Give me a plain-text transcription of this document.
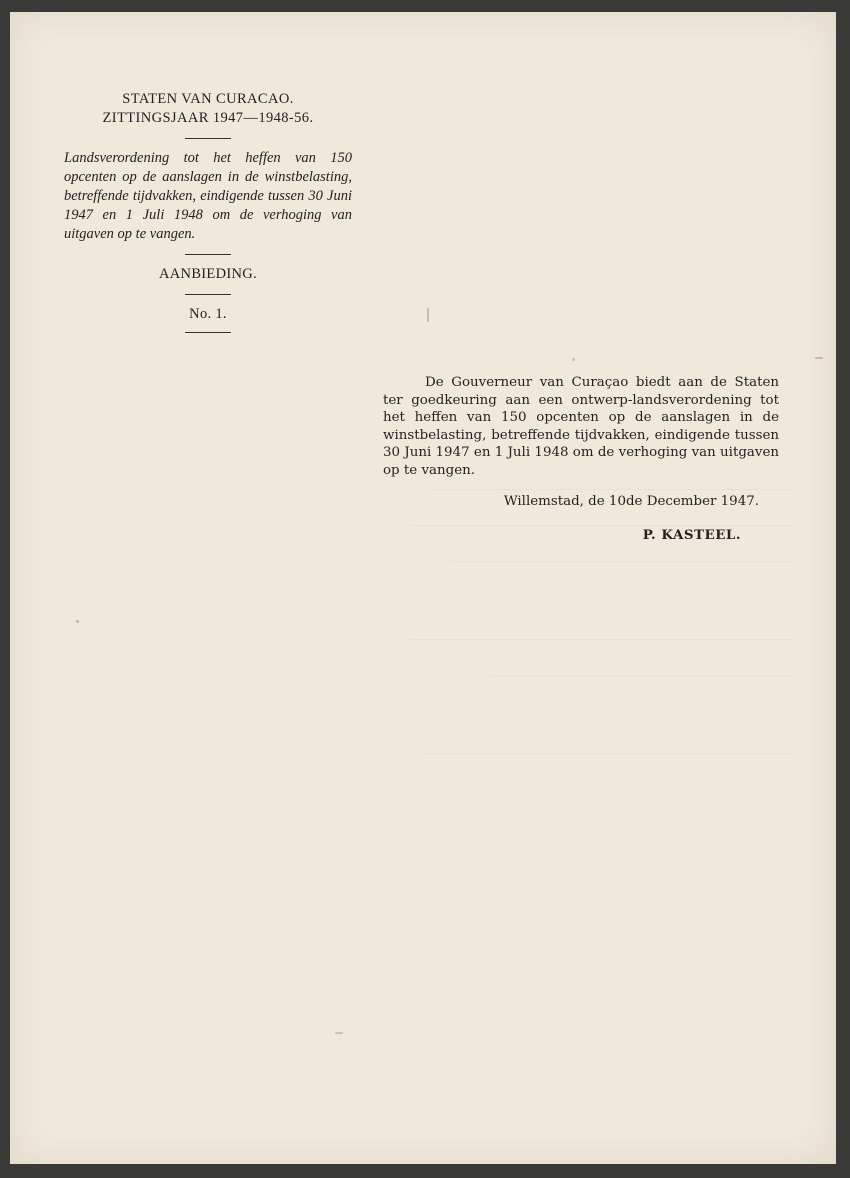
STATEN VAN CURACAO.

ZITTINGSJAAR 1947—1948-56.

Landsverordening tot het heffen van 150 opcenten op de aanslagen in de winstbelasting, betreffende tijdvakken, eindigende tussen 30 Juni 1947 en 1 Juli 1948 om de verhoging van uitgaven op te vangen.

AANBIEDING.

No. 1.

De Gouverneur van Curaçao biedt aan de Staten ter goedkeuring aan een ontwerp-landsverordening tot het heffen van 150 opcenten op de aanslagen in de winstbelasting, betreffende tijdvakken, eindigende tussen 30 Juni 1947 en 1 Juli 1948 om de verhoging van uitgaven op te vangen.

Willemstad, de 10de December 1947.

P. KASTEEL.
